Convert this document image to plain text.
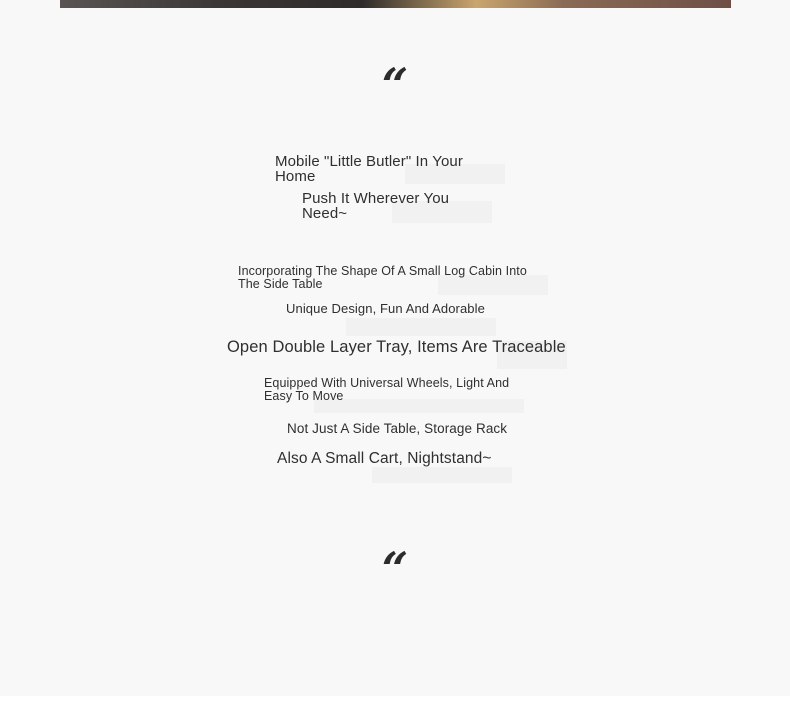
“
Mobile "Little Butler" In Your Home
Push It Wherever You Need~
Incorporating The Shape Of A Small Log Cabin Into The Side Table
Unique Design, Fun And Adorable
Open Double Layer Tray, Items Are Traceable
Equipped With Universal Wheels, Light And Easy To Move
Not Just A Side Table, Storage Rack
Also A Small Cart, Nightstand~
“
